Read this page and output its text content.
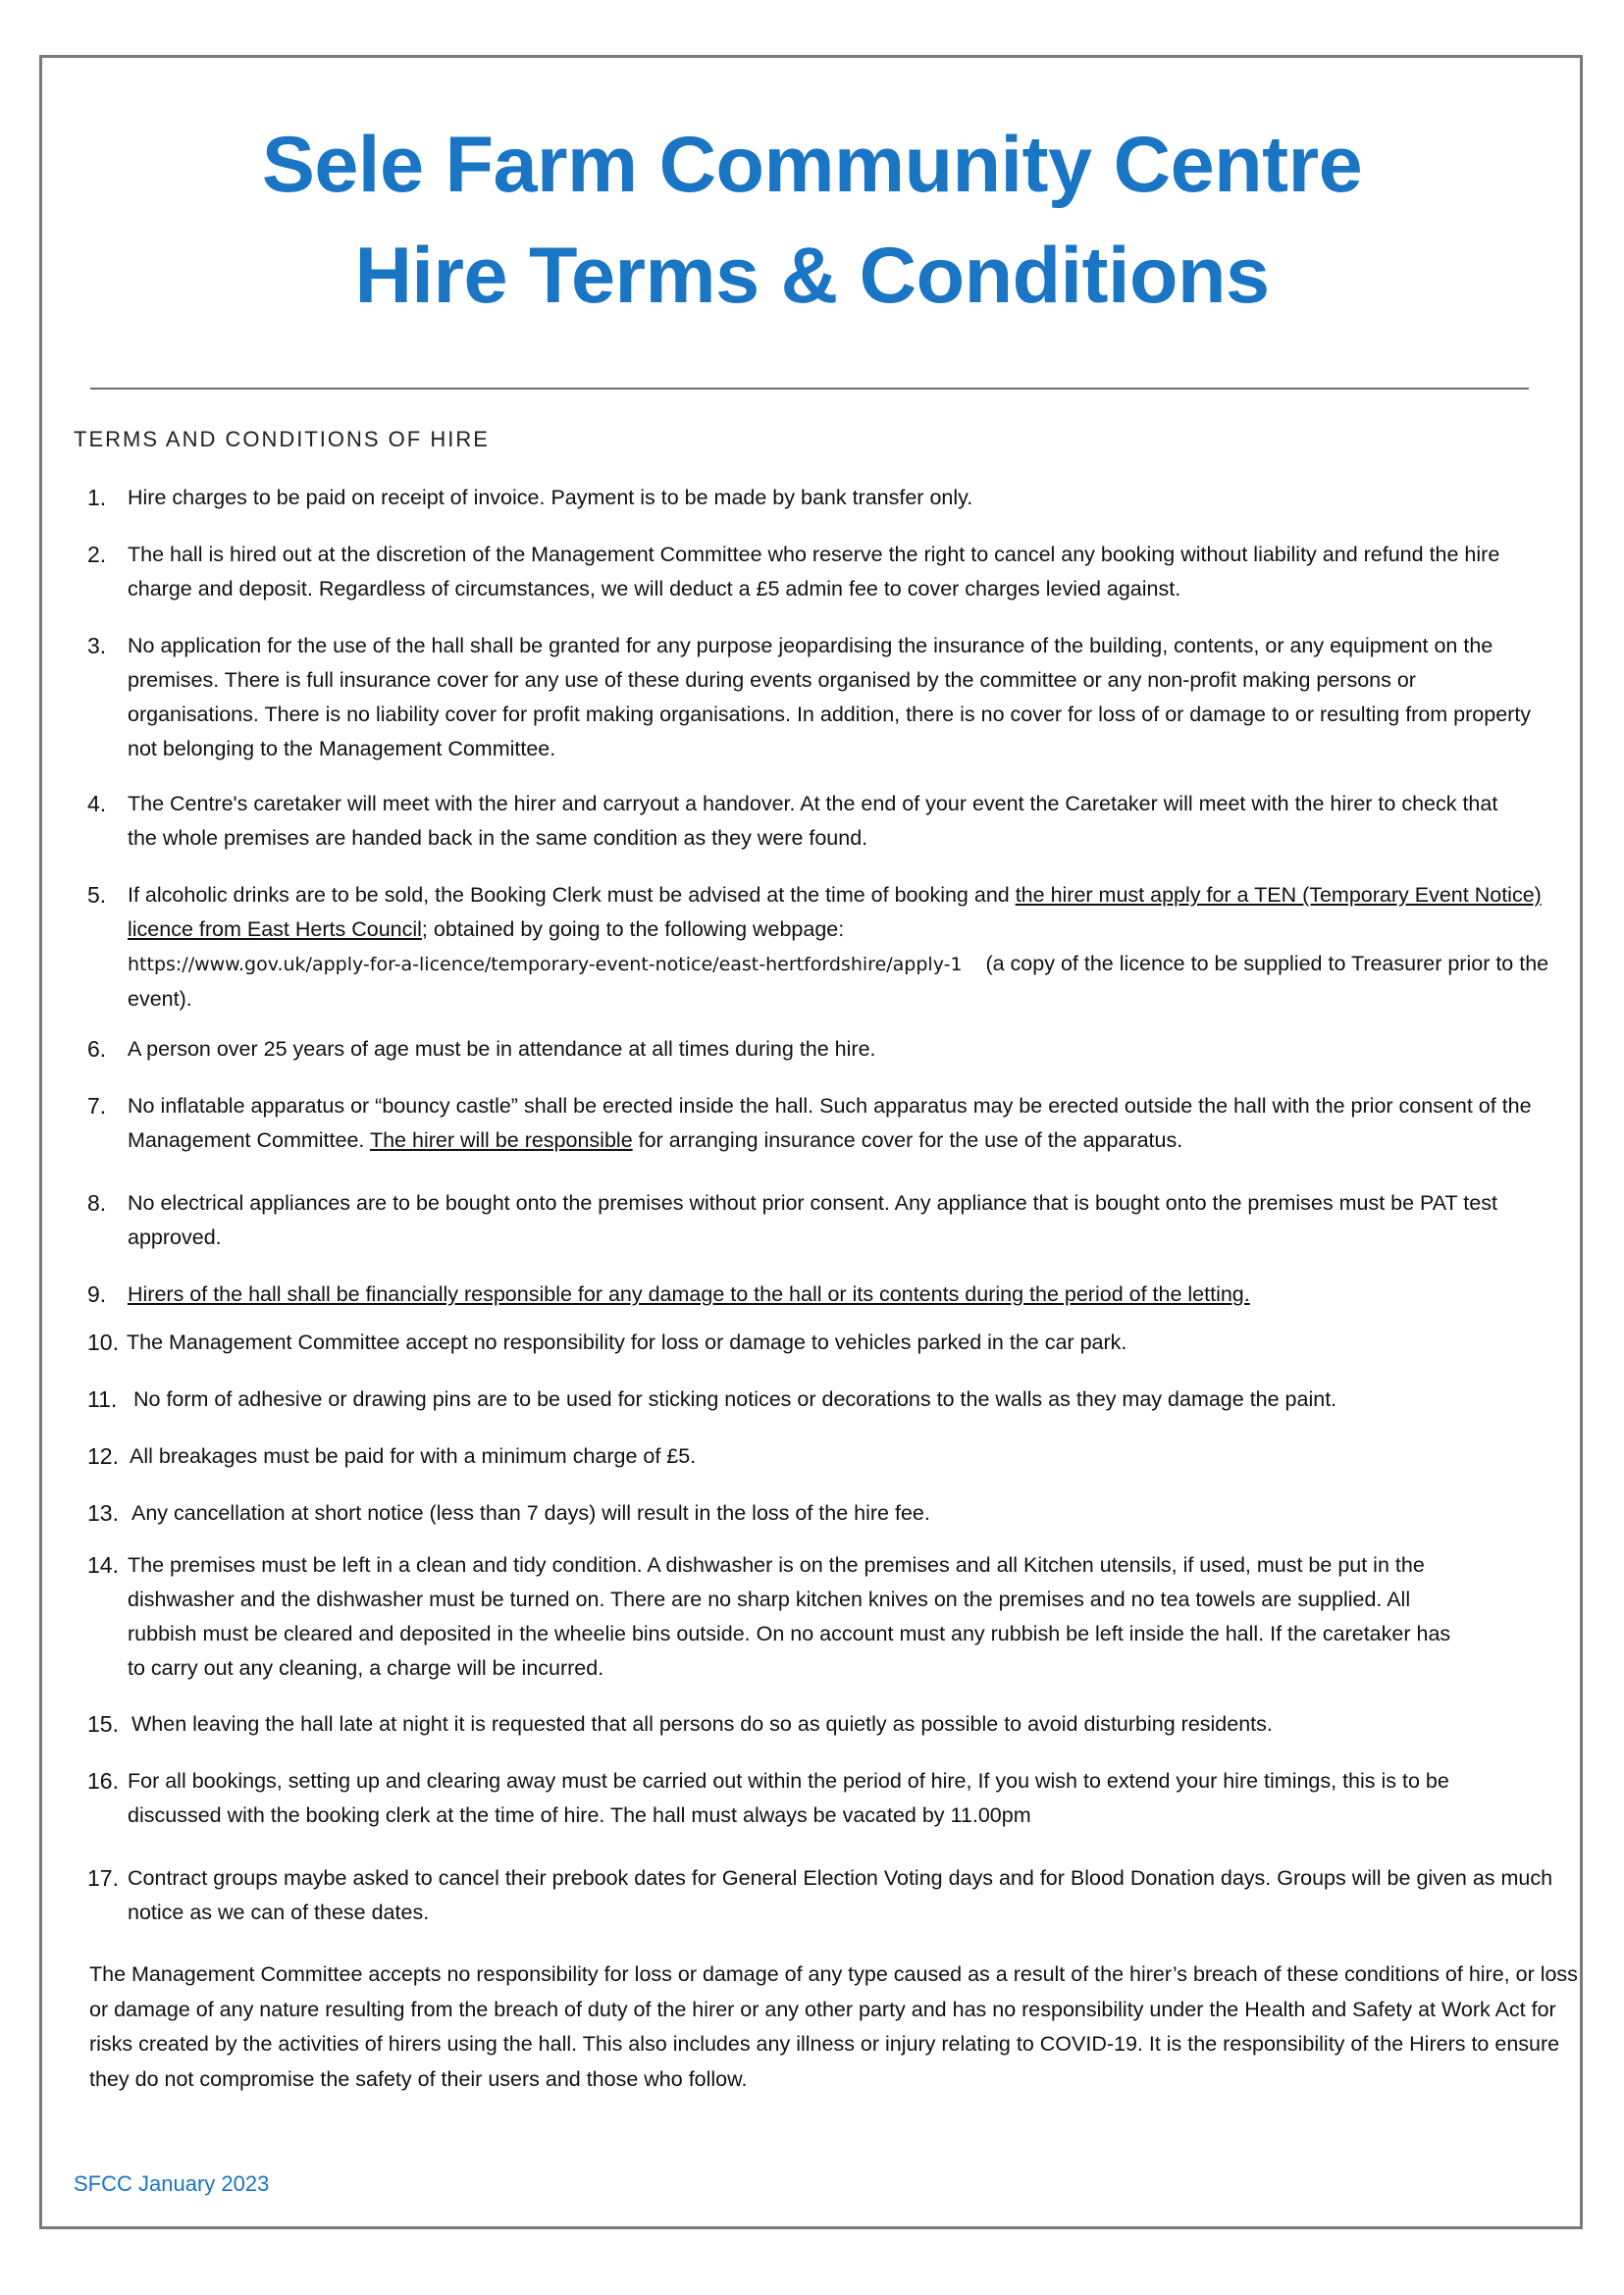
Sele Farm Community Centre
Hire Terms & Conditions
TERMS AND CONDITIONS OF HIRE
1.	Hire charges to be paid on receipt of invoice. Payment is to be made by bank transfer only.
2.	The hall is hired out at the discretion of the Management Committee who reserve the right to cancel any booking without liability and refund the hire charge and deposit. Regardless of circumstances, we will deduct a £5 admin fee to cover charges levied against.
3.	No application for the use of the hall shall be granted for any purpose jeopardising the insurance of the building, contents, or any equipment on the premises. There is full insurance cover for any use of these during events organised by the committee or any non-profit making persons or organisations. There is no liability cover for profit making organisations. In addition, there is no cover for loss of or damage to or resulting from property not belonging to the Management Committee.
4.	The Centre's caretaker will meet with the hirer and carryout a handover. At the end of your event the Caretaker will meet with the hirer to check that the whole premises are handed back in the same condition as they were found.
5.	If alcoholic drinks are to be sold, the Booking Clerk must be advised at the time of booking and the hirer must apply for a TEN (Temporary Event Notice) licence from East Herts Council; obtained by going to the following webpage:
https://www.gov.uk/apply-for-a-licence/temporary-event-notice/east-hertfordshire/apply-1 (a copy of the licence to be supplied to Treasurer prior to the event).
6.	A person over 25 years of age must be in attendance at all times during the hire.
7.	No inflatable apparatus or “bouncy castle” shall be erected inside the hall. Such apparatus may be erected outside the hall with the prior consent of the Management Committee. The hirer will be responsible for arranging insurance cover for the use of the apparatus.
8.	No electrical appliances are to be bought onto the premises without prior consent. Any appliance that is bought onto the premises must be PAT test approved.
9.	Hirers of the hall shall be financially responsible for any damage to the hall or its contents during the period of the letting.
10. The Management Committee accept no responsibility for loss or damage to vehicles parked in the car park.
11. No form of adhesive or drawing pins are to be used for sticking notices or decorations to the walls as they may damage the paint.
12. All breakages must be paid for with a minimum charge of £5.
13. Any cancellation at short notice (less than 7 days) will result in the loss of the hire fee.
14. The premises must be left in a clean and tidy condition. A dishwasher is on the premises and all Kitchen utensils, if used, must be put in the dishwasher and the dishwasher must be turned on. There are no sharp kitchen knives on the premises and no tea towels are supplied. All rubbish must be cleared and deposited in the wheelie bins outside. On no account must any rubbish be left inside the hall. If the caretaker has to carry out any cleaning, a charge will be incurred.
15. When leaving the hall late at night it is requested that all persons do so as quietly as possible to avoid disturbing residents.
16. For all bookings, setting up and clearing away must be carried out within the period of hire, If you wish to extend your hire timings, this is to be discussed with the booking clerk at the time of hire. The hall must always be vacated by 11.00pm
17. Contract groups maybe asked to cancel their prebook dates for General Election Voting days and for Blood Donation days. Groups will be given as much notice as we can of these dates.
The Management Committee accepts no responsibility for loss or damage of any type caused as a result of the hirer’s breach of these conditions of hire, or loss or damage of any nature resulting from the breach of duty of the hirer or any other party and has no responsibility under the Health and Safety at Work Act for risks created by the activities of hirers using the hall. This also includes any illness or injury relating to COVID-19. It is the responsibility of the Hirers to ensure they do not compromise the safety of their users and those who follow.
SFCC January 2023
